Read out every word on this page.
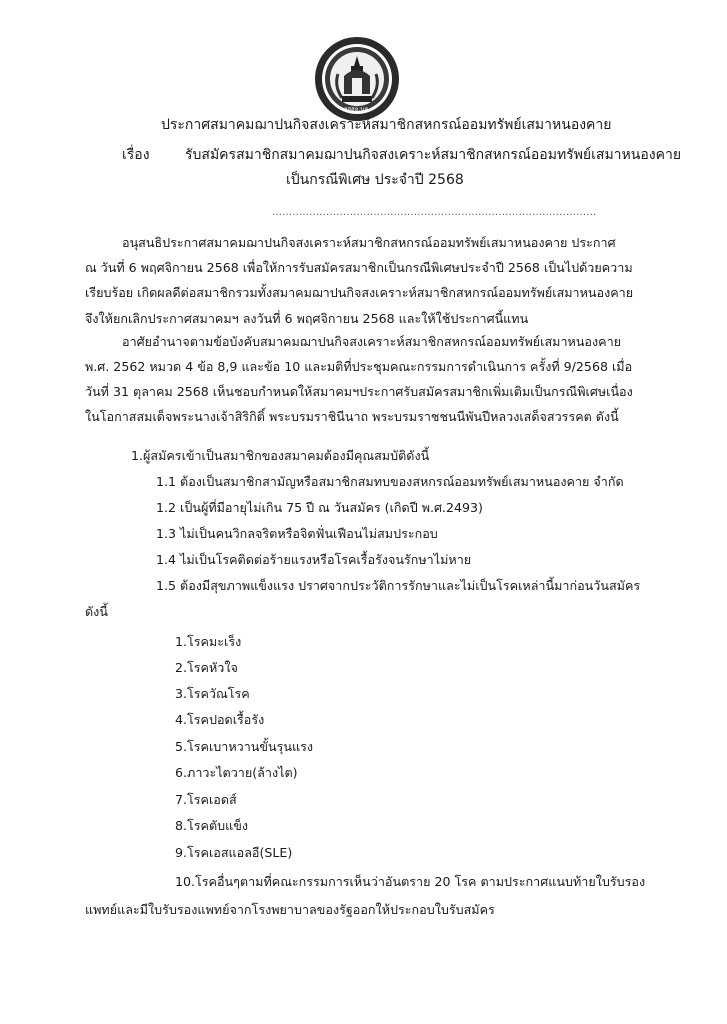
สสสอ.นค.
ประกาศสมาคมฌาปนกิจสงเคราะห์สมาชิกสหกรณ์ออมทรัพย์เสมาหนองคาย
เรื่อง	รับสมัครสมาชิกสมาคมฌาปนกิจสงเคราะห์สมาชิกสหกรณ์ออมทรัพย์เสมาหนองคาย
เป็นกรณีพิเศษ ประจำปี 2568
................................................................................................
อนุสนธิประกาศสมาคมฌาปนกิจสงเคราะห์สมาชิกสหกรณ์ออมทรัพย์เสมาหนองคาย ประกาศ
ณ วันที่ 6 พฤศจิกายน 2568 เพื่อให้การรับสมัครสมาชิกเป็นกรณีพิเศษประจำปี 2568 เป็นไปด้วยความ
เรียบร้อย เกิดผลดีต่อสมาชิกรวมทั้งสมาคมฌาปนกิจสงเคราะห์สมาชิกสหกรณ์ออมทรัพย์เสมาหนองคาย
จึงให้ยกเลิกประกาศสมาคมฯ ลงวันที่ 6 พฤศจิกายน 2568 และให้ใช้ประกาศนี้แทน
อาศัยอำนาจตามข้อบังคับสมาคมฌาปนกิจสงเคราะห์สมาชิกสหกรณ์ออมทรัพย์เสมาหนองคาย
พ.ศ. 2562 หมวด 4 ข้อ 8,9 และข้อ 10 และมติที่ประชุมคณะกรรมการดำเนินการ ครั้งที่ 9/2568 เมื่อ
วันที่ 31 ตุลาคม 2568 เห็นชอบกำหนดให้สมาคมฯประกาศรับสมัครสมาชิกเพิ่มเติมเป็นกรณีพิเศษเนื่อง
ในโอกาสสมเด็จพระนางเจ้าสิริกิติ์ พระบรมราชินีนาถ พระบรมราชชนนีพันปีหลวงเสด็จสวรรคต ดังนี้
1.ผู้สมัครเข้าเป็นสมาชิกของสมาคมต้องมีคุณสมบัติดังนี้
1.1 ต้องเป็นสมาชิกสามัญหรือสมาชิกสมทบของสหกรณ์ออมทรัพย์เสมาหนองคาย จำกัด
1.2 เป็นผู้ที่มีอายุไม่เกิน 75 ปี ณ วันสมัคร (เกิดปี พ.ศ.2493)
1.3 ไม่เป็นคนวิกลจริตหรือจิตฟั่นเฟือนไม่สมประกอบ
1.4 ไม่เป็นโรคติดต่อร้ายแรงหรือโรคเรื้อรังจนรักษาไม่หาย
1.5 ต้องมีสุขภาพแข็งแรง ปราศจากประวัติการรักษาและไม่เป็นโรคเหล่านี้มาก่อนวันสมัคร
ดังนี้
1.โรคมะเร็ง
2.โรคหัวใจ
3.โรควัณโรค
4.โรคปอดเรื้อรัง
5.โรคเบาหวานขั้นรุนแรง
6.ภาวะไตวาย(ล้างไต)
7.โรคเอดส์
8.โรคตับแข็ง
9.โรคเอสแอลอี(SLE)
10.โรคอื่นๆตามที่คณะกรรมการเห็นว่าอันตราย 20 โรค ตามประกาศแนบท้ายใบรับรอง
แพทย์และมีใบรับรองแพทย์จากโรงพยาบาลของรัฐออกให้ประกอบใบรับสมัคร
